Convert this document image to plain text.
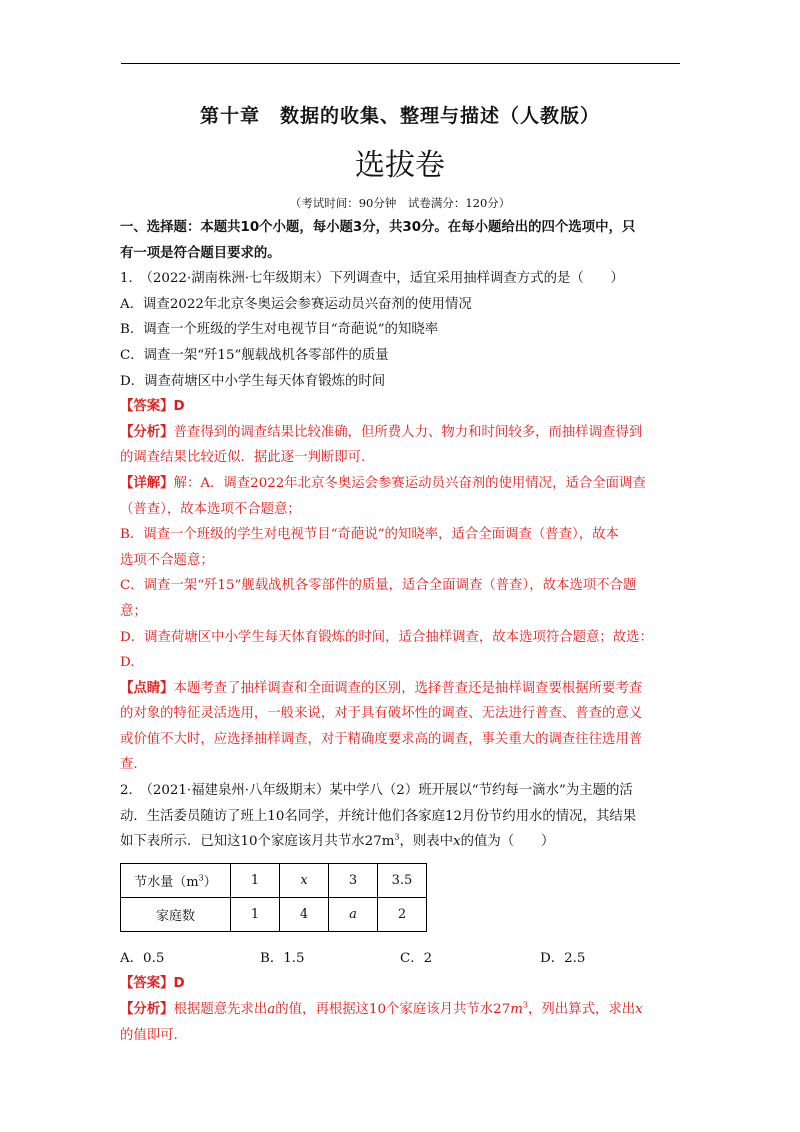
第十章　数据的收集、整理与描述（人教版）
选拔卷
（考试时间：90分钟　试卷满分：120分）
一、选择题：本题共10个小题，每小题3分，共30分。在每小题给出的四个选项中，只
有一项是符合题目要求的。
1.　（2022·湖南株洲·七年级期末）下列调查中，适宜采用抽样调查方式的是（　　）
A．调查2022年北京冬奥运会参赛运动员兴奋剂的使用情况
B．调查一个班级的学生对电视节目“奇葩说”的知晓率
C．调查一架“歼15”舰载战机各零部件的质量
D．调查荷塘区中小学生每天体育锻炼的时间
【答案】D
【分析】普查得到的调查结果比较准确，但所费人力、物力和时间较多，而抽样调查得到
的调查结果比较近似．据此逐一判断即可.
【详解】解：A．调查2022年北京冬奥运会参赛运动员兴奋剂的使用情况，适合全面调查
（普查），故本选项不合题意；
B．调查一个班级的学生对电视节目“奇葩说”的知晓率，适合全面调查（普查），故本
选项不合题意；
C．调查一架“歼15”舰载战机各零部件的质量，适合全面调查（普查），故本选项不合题
意；
D．调查荷塘区中小学生每天体育锻炼的时间，适合抽样调查，故本选项符合题意；故选：
D.
【点睛】本题考查了抽样调查和全面调查的区别，选择普查还是抽样调查要根据所要考查
的对象的特征灵活选用，一般来说，对于具有破坏性的调查、无法进行普查、普查的意义
或价值不大时，应选择抽样调查，对于精确度要求高的调查，事关重大的调查往往选用普
查.
2.　（2021·福建泉州·八年级期末）某中学八（2）班开展以“节约每一滴水”为主题的活
动．生活委员随访了班上10名同学，并统计他们各家庭12月份节约用水的情况，其结果
如下表所示．已知这10个家庭该月共节水$27m^3$，则表中x的值为（　　）
节水量$(m^3)$	1	x	3	3.5
家庭数	1	4	a	2
A．0.5	B．1.5	C．2	D．2.5
【答案】D
【分析】根据题意先求出a的值，再根据这10个家庭该月共节水$27m^3$，列出算式，求出x
的值即可.
